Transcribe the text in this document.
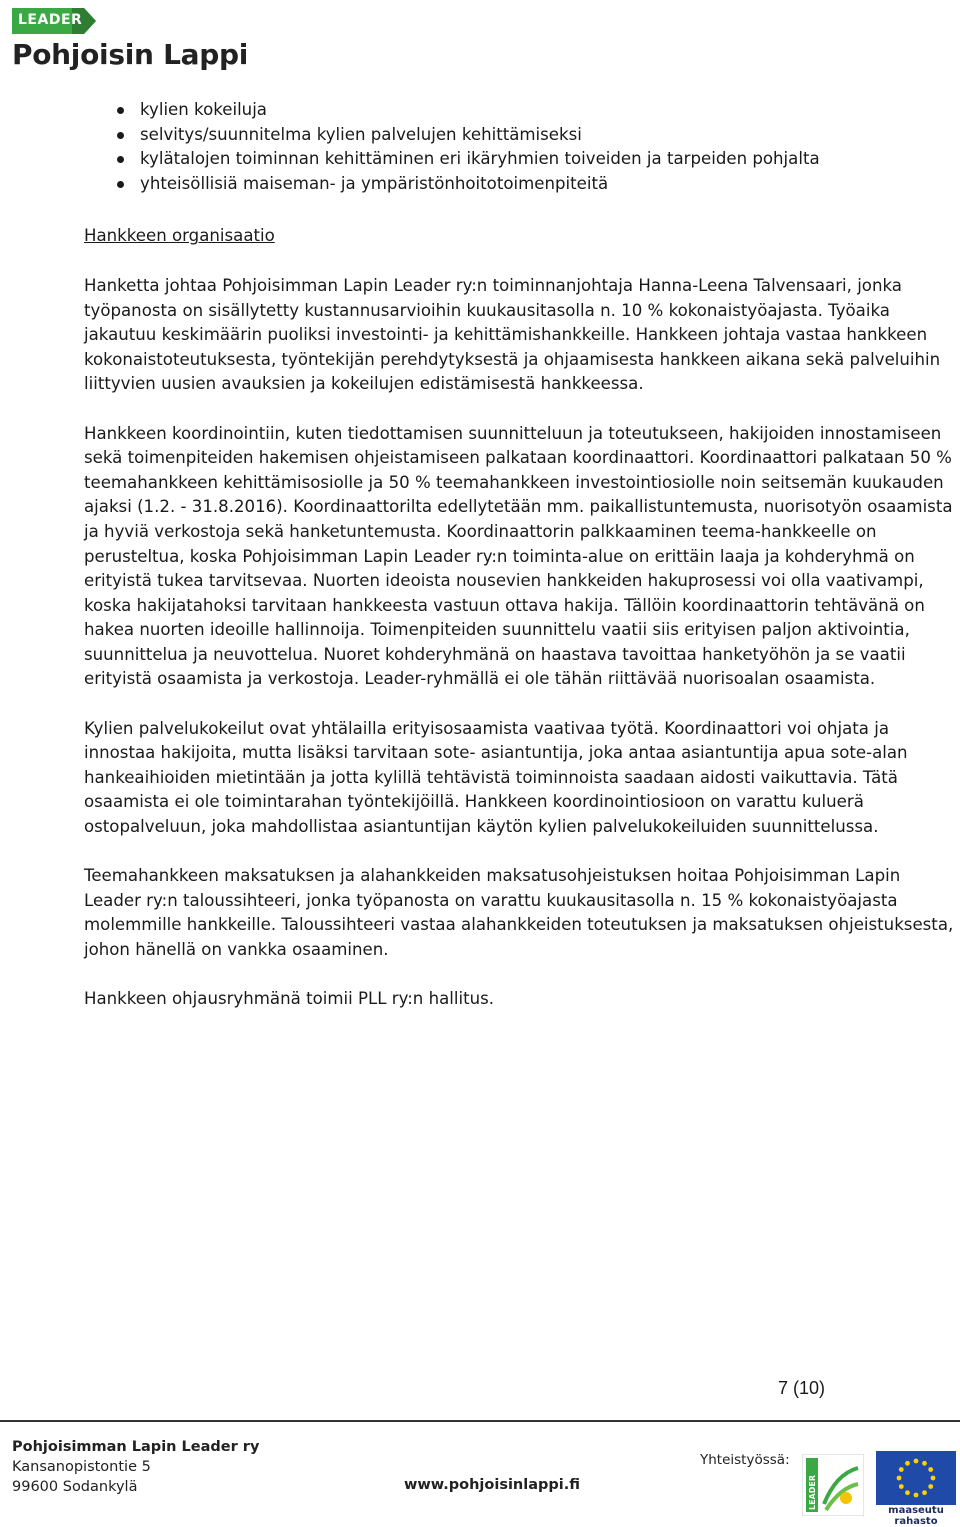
LEADER
Pohjoisin Lappi
kylien kokeiluja
selvitys/suunnitelma kylien palvelujen kehittämiseksi
kylätalojen toiminnan kehittäminen eri ikäryhmien toiveiden ja tarpeiden pohjalta
yhteisöllisiä maiseman- ja ympäristönhoitotoimenpiteitä
Hankkeen organisaatio

Hanketta johtaa Pohjoisimman Lapin Leader ry:n toiminnanjohtaja Hanna-Leena Talvensaari, jonka työpanosta on sisällytetty kustannusarvioihin kuukausitasolla n. 10 % kokonaistyöajasta. Työaika jakautuu keskimäärin puoliksi investointi- ja kehittämishankkeille. Hankkeen johtaja vastaa hankkeen kokonaistoteutuksesta, työntekijän perehdytyksestä ja ohjaamisesta hankkeen aikana sekä palveluihin liittyvien uusien avauksien ja kokeilujen edistämisestä hankkeessa.

Hankkeen koordinointiin, kuten tiedottamisen suunnitteluun ja toteutukseen, hakijoiden innostamiseen sekä toimenpiteiden hakemisen ohjeistamiseen palkataan koordinaattori. Koordinaattori palkataan 50 % teemahankkeen kehittämisosiolle ja 50 % teemahankkeen investointiosiolle noin seitsemän kuukauden ajaksi (1.2. - 31.8.2016). Koordinaattorilta edellytetään mm. paikallistuntemusta, nuorisotyön osaamista ja hyviä verkostoja sekä hanketuntemusta. Koordinaattorin palkkaaminen teema-hankkeelle on perusteltua, koska Pohjoisimman Lapin Leader ry:n toiminta-alue on erittäin laaja ja kohderyhmä on erityistä tukea tarvitsevaa. Nuorten ideoista nousevien hankkeiden hakuprosessi voi olla vaativampi, koska hakijatahoksi tarvitaan hankkeesta vastuun ottava hakija. Tällöin koordinaattorin tehtävänä on hakea nuorten ideoille hallinnoija. Toimenpiteiden suunnittelu vaatii siis erityisen paljon aktivointia, suunnittelua ja neuvottelua. Nuoret kohderyhmänä on haastava tavoittaa hanketyöhön ja se vaatii erityistä osaamista ja verkostoja. Leader-ryhmällä ei ole tähän riittävää nuorisoalan osaamista.

Kylien palvelukokeilut ovat yhtälailla erityisosaamista vaativaa työtä. Koordinaattori voi ohjata ja innostaa hakijoita, mutta lisäksi tarvitaan sote- asiantuntija, joka antaa asiantuntija apua sote-alan hankeaihioiden mietintään ja jotta kylillä tehtävistä toiminnoista saadaan aidosti vaikuttavia. Tätä osaamista ei ole toimintarahan työntekijöillä. Hankkeen koordinointiosioon on varattu kuluerä ostopalveluun, joka mahdollistaa asiantuntijan käytön kylien palvelukokeiluiden suunnittelussa.

Teemahankkeen maksatuksen ja alahankkeiden maksatusohjeistuksen hoitaa Pohjoisimman Lapin Leader ry:n taloussihteeri, jonka työpanosta on varattu kuukausitasolla n. 15 % kokonaistyöajasta molemmille hankkeille. Taloussihteeri vastaa alahankkeiden toteutuksen ja maksatuksen ohjeistuksesta, johon hänellä on vankka osaaminen.

Hankkeen ohjausryhmänä toimii PLL ry:n hallitus.

7 (10)
Pohjoisimman Lapin Leader ry
Kansanopistontie 5
99600 Sodankylä	www.pohjoisinlappi.fi
Yhteistyössä:
LEADER
maaseutu rahasto
